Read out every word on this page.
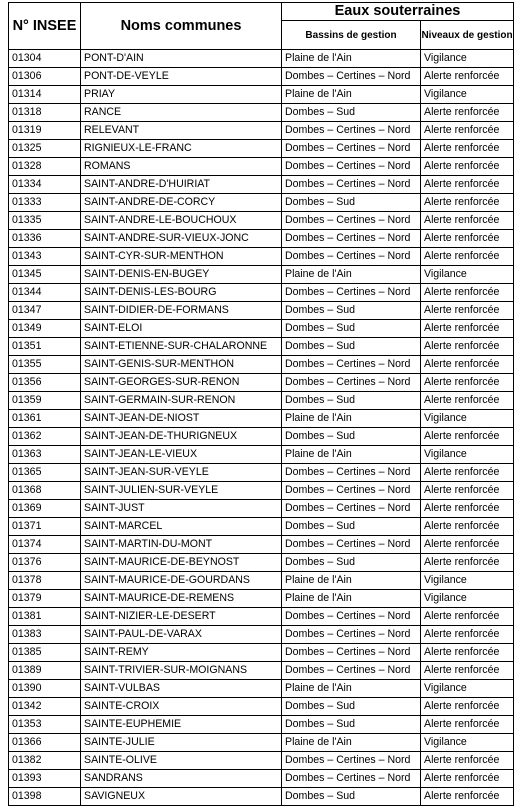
N° INSEE	Noms communes	Eaux souterraines	
		Bassins de gestion	Niveaux de gestion
01304	PONT-D'AIN	Plaine de l'Ain	Vigilance
01306	PONT-DE-VEYLE	Dombes – Certines – Nord	Alerte renforcée
01314	PRIAY	Plaine de l'Ain	Vigilance
01318	RANCE	Dombes – Sud	Alerte renforcée
01319	RELEVANT	Dombes – Certines – Nord	Alerte renforcée
01325	RIGNIEUX-LE-FRANC	Dombes – Certines – Nord	Alerte renforcée
01328	ROMANS	Dombes – Certines – Nord	Alerte renforcée
01334	SAINT-ANDRE-D'HUIRIAT	Dombes – Certines – Nord	Alerte renforcée
01333	SAINT-ANDRE-DE-CORCY	Dombes – Sud	Alerte renforcée
01335	SAINT-ANDRE-LE-BOUCHOUX	Dombes – Certines – Nord	Alerte renforcée
01336	SAINT-ANDRE-SUR-VIEUX-JONC	Dombes – Certines – Nord	Alerte renforcée
01343	SAINT-CYR-SUR-MENTHON	Dombes – Certines – Nord	Alerte renforcée
01345	SAINT-DENIS-EN-BUGEY	Plaine de l'Ain	Vigilance
01344	SAINT-DENIS-LES-BOURG	Dombes – Certines – Nord	Alerte renforcée
01347	SAINT-DIDIER-DE-FORMANS	Dombes – Sud	Alerte renforcée
01349	SAINT-ELOI	Dombes – Sud	Alerte renforcée
01351	SAINT-ETIENNE-SUR-CHALARONNE	Dombes – Sud	Alerte renforcée
01355	SAINT-GENIS-SUR-MENTHON	Dombes – Certines – Nord	Alerte renforcée
01356	SAINT-GEORGES-SUR-RENON	Dombes – Certines – Nord	Alerte renforcée
01359	SAINT-GERMAIN-SUR-RENON	Dombes – Sud	Alerte renforcée
01361	SAINT-JEAN-DE-NIOST	Plaine de l'Ain	Vigilance
01362	SAINT-JEAN-DE-THURIGNEUX	Dombes – Sud	Alerte renforcée
01363	SAINT-JEAN-LE-VIEUX	Plaine de l'Ain	Vigilance
01365	SAINT-JEAN-SUR-VEYLE	Dombes – Certines – Nord	Alerte renforcée
01368	SAINT-JULIEN-SUR-VEYLE	Dombes – Certines – Nord	Alerte renforcée
01369	SAINT-JUST	Dombes – Certines – Nord	Alerte renforcée
01371	SAINT-MARCEL	Dombes – Sud	Alerte renforcée
01374	SAINT-MARTIN-DU-MONT	Dombes – Certines – Nord	Alerte renforcée
01376	SAINT-MAURICE-DE-BEYNOST	Dombes – Sud	Alerte renforcée
01378	SAINT-MAURICE-DE-GOURDANS	Plaine de l'Ain	Vigilance
01379	SAINT-MAURICE-DE-REMENS	Plaine de l'Ain	Vigilance
01381	SAINT-NIZIER-LE-DESERT	Dombes – Certines – Nord	Alerte renforcée
01383	SAINT-PAUL-DE-VARAX	Dombes – Certines – Nord	Alerte renforcée
01385	SAINT-REMY	Dombes – Certines – Nord	Alerte renforcée
01389	SAINT-TRIVIER-SUR-MOIGNANS	Dombes – Certines – Nord	Alerte renforcée
01390	SAINT-VULBAS	Plaine de l'Ain	Vigilance
01342	SAINTE-CROIX	Dombes – Sud	Alerte renforcée
01353	SAINTE-EUPHEMIE	Dombes – Sud	Alerte renforcée
01366	SAINTE-JULIE	Plaine de l'Ain	Vigilance
01382	SAINTE-OLIVE	Dombes – Certines – Nord	Alerte renforcée
01393	SANDRANS	Dombes – Certines – Nord	Alerte renforcée
01398	SAVIGNEUX	Dombes – Sud	Alerte renforcée
